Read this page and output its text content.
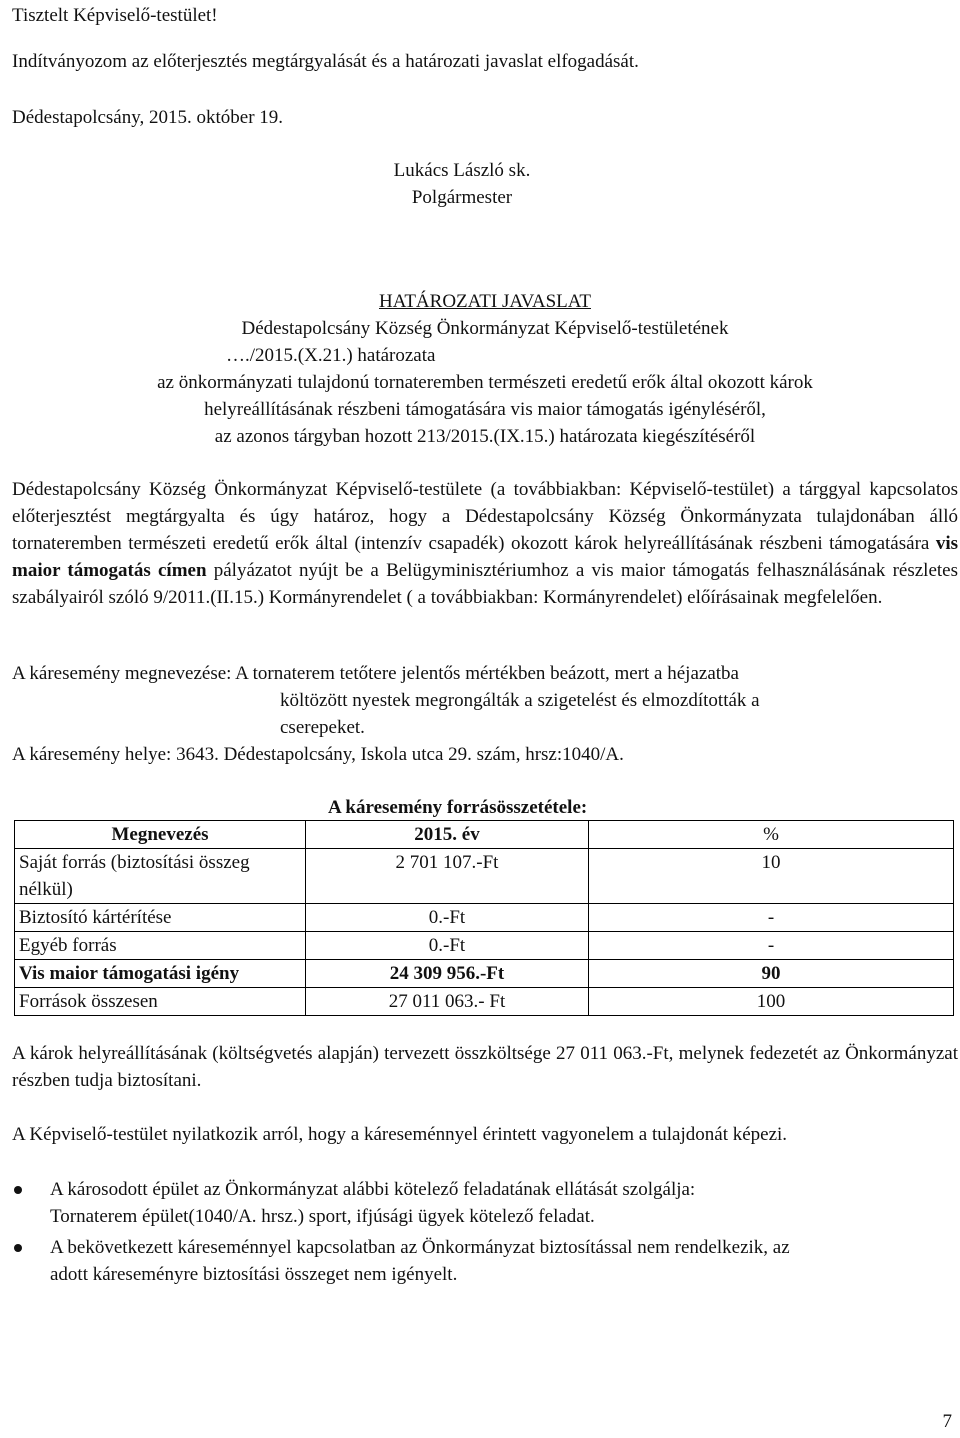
Tisztelt Képviselő-testület!
Indítványozom az előterjesztés megtárgyalását és a határozati javaslat elfogadását.
Dédestapolcsány, 2015. október 19.
Lukács László sk.
Polgármester
HATÁROZATI JAVASLAT
Dédestapolcsány Község Önkormányzat Képviselő-testületének
…./2015.(X.21.) határozata
az önkormányzati tulajdonú tornateremben természeti eredetű erők által okozott károk
helyreállításának részbeni támogatására vis maior támogatás igényléséről,
az azonos tárgyban hozott 213/2015.(IX.15.) határozata kiegészítéséről
Dédestapolcsány Község Önkormányzat Képviselő-testülete (a továbbiakban: Képviselő-testület) a tárggyal kapcsolatos előterjesztést megtárgyalta és úgy határoz, hogy a Dédestapolcsány Község Önkormányzata tulajdonában álló tornateremben természeti eredetű erők által (intenzív csapadék) okozott károk helyreállításának részbeni támogatására vis maior támogatás címen pályázatot nyújt be a Belügyminisztériumhoz a vis maior támogatás felhasználásának részletes szabályairól szóló 9/2011.(II.15.) Kormányrendelet ( a továbbiakban: Kormányrendelet) előírásainak megfelelően.
A káresemény megnevezése: A tornaterem tetőtere jelentős mértékben beázott, mert a héjazatba
költözött nyestek megrongálták a szigetelést és elmozdították a
cserepeket.
A káresemény helye: 3643. Dédestapolcsány, Iskola utca 29. szám, hrsz:1040/A.
A káresemény forrásösszetétele:
Megnevezés	2015. év	%
Saját forrás (biztosítási összeg nélkül)	2 701 107.-Ft	10
Biztosító kártérítése	0.-Ft	-
Egyéb forrás	0.-Ft	-
Vis maior támogatási igény	24 309 956.-Ft	90
Források összesen	27 011 063.- Ft	100
A károk helyreállításának (költségvetés alapján) tervezett összköltsége 27 011 063.-Ft, melynek fedezetét az Önkormányzat részben tudja biztosítani.
A Képviselő-testület nyilatkozik arról, hogy a káreseménnyel érintett vagyonelem a tulajdonát képezi.
A károsodott épület az Önkormányzat alábbi kötelező feladatának ellátását szolgálja:
Tornaterem épület(1040/A. hrsz.) sport, ifjúsági ügyek kötelező feladat.
A bekövetkezett káreseménnyel kapcsolatban az Önkormányzat biztosítással nem rendelkezik, az
adott káreseményre biztosítási összeget nem igényelt.
7
